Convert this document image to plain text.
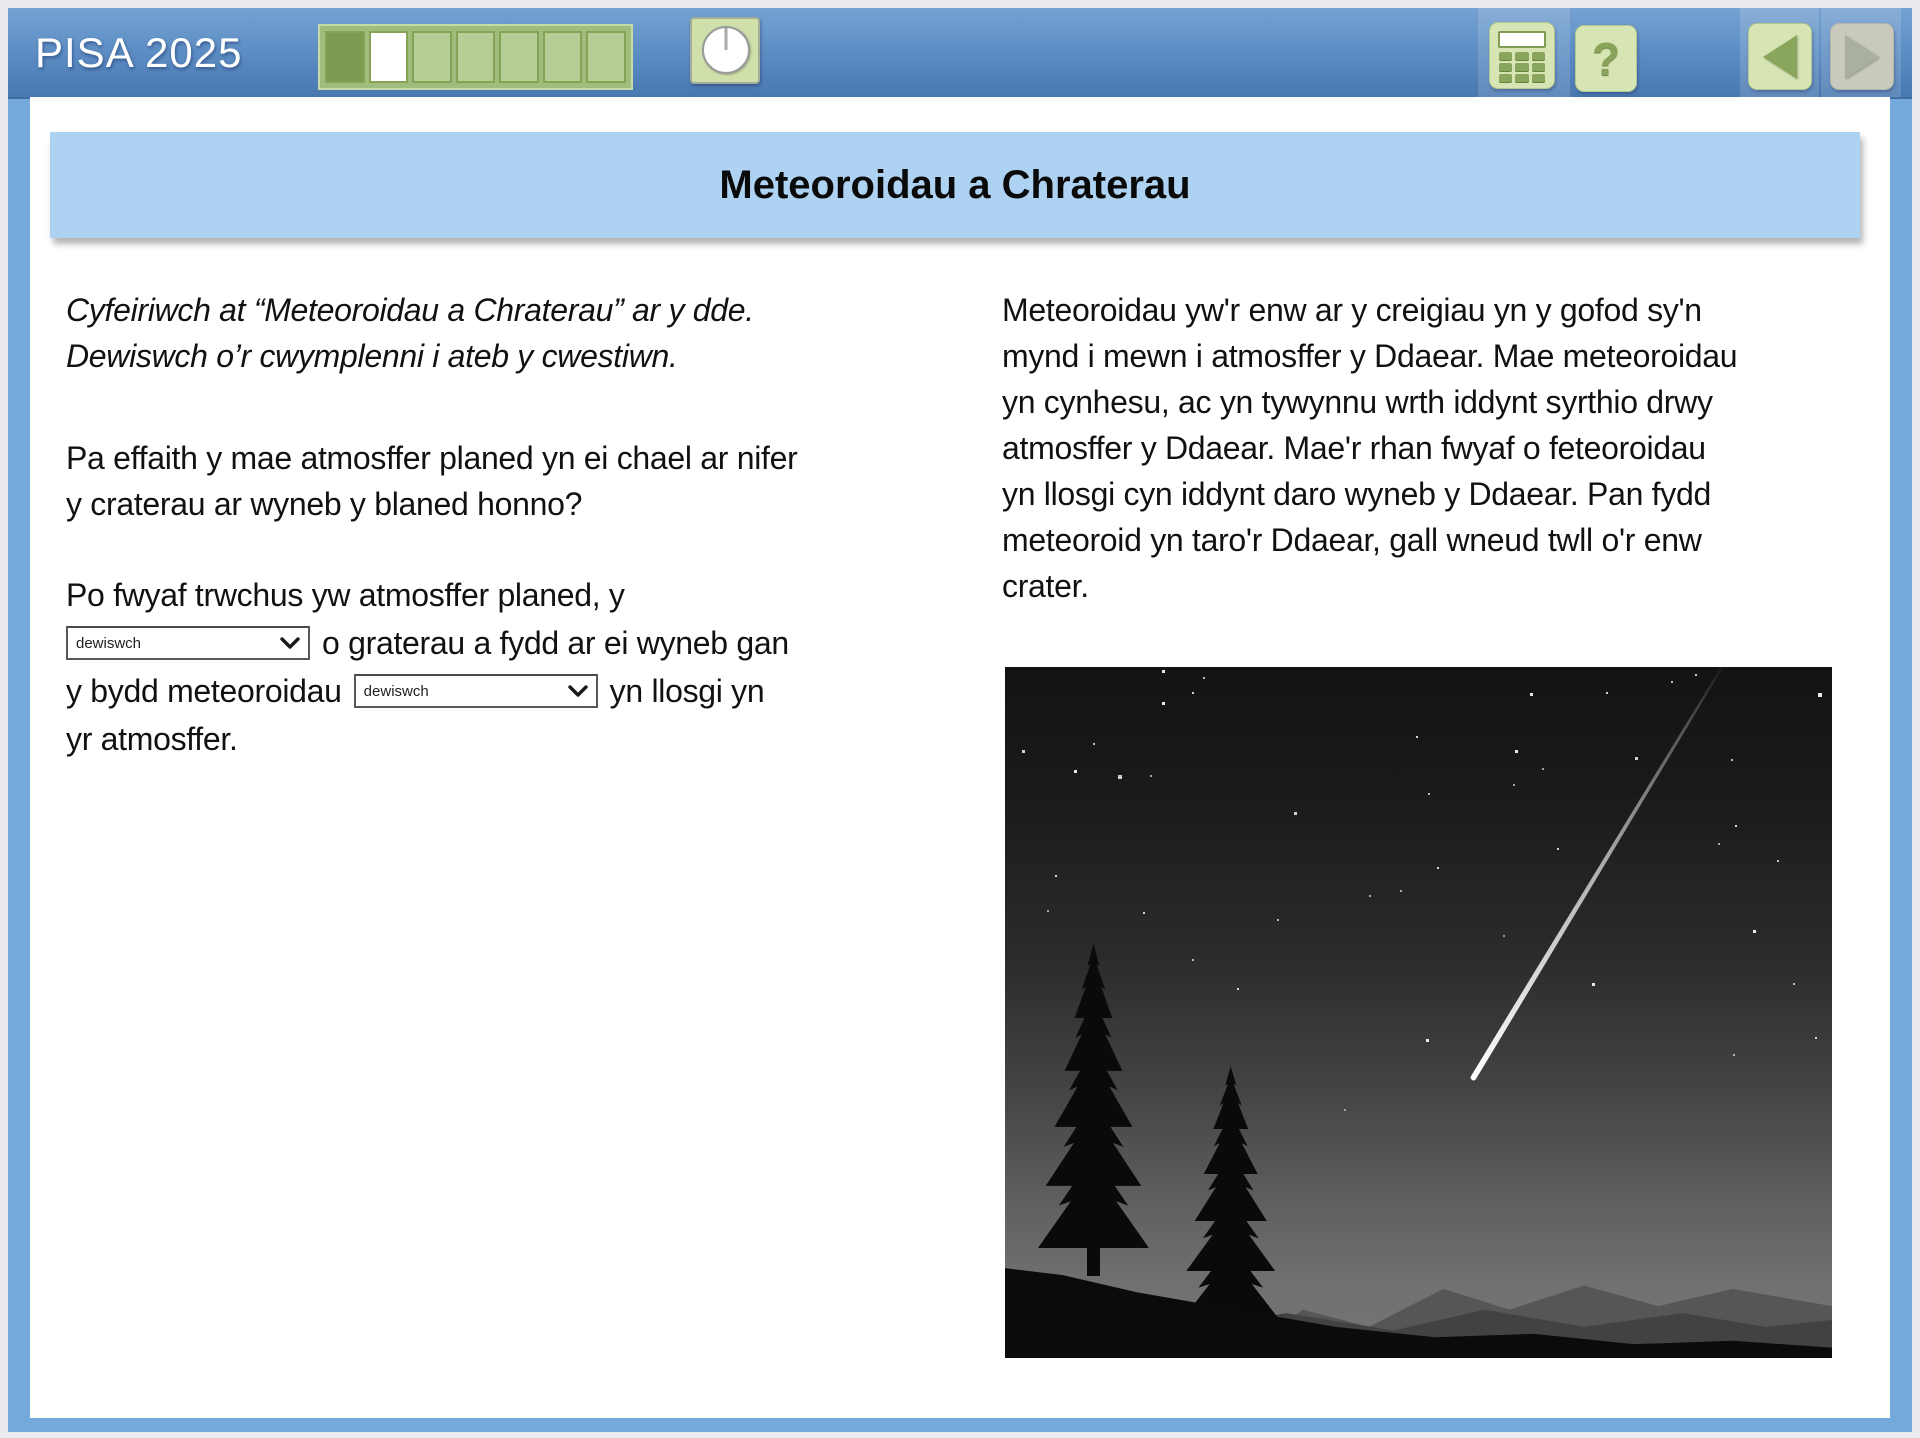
PISA 2025	?
Meteoroidau a Chraterau
Cyfeiriwch at “Meteoroidau a Chraterau” ar y dde.
Dewiswch o’r cwymplenni i ateb y cwestiwn.
Pa effaith y mae atmosffer planed yn ei chael ar nifer
y craterau ar wyneb y blaned honno?
Po fwyaf trwchus yw atmosffer planed, y
dewiswch	o graterau a fydd ar ei wyneb gan
y bydd meteoroidau dewiswch	yn llosgi yn
yr atmosffer.
Meteoroidau yw'r enw ar y creigiau yn y gofod sy'n
mynd i mewn i atmosffer y Ddaear. Mae meteoroidau
yn cynhesu, ac yn tywynnu wrth iddynt syrthio drwy
atmosffer y Ddaear. Mae'r rhan fwyaf o feteoroidau
yn llosgi cyn iddynt daro wyneb y Ddaear. Pan fydd
meteoroid yn taro'r Ddaear, gall wneud twll o'r enw
crater.
